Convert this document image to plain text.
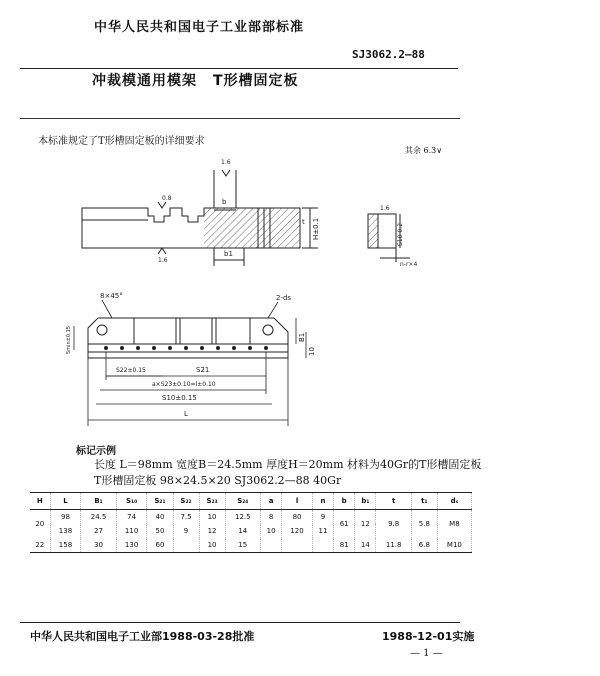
中华人民共和国电子工业部部标准
SJ3062.2—88
冲裁模通用模架 T形槽固定板
本标准规定了T形槽固定板的详细要求
其余 6.3∨
1.6
0.8
1.6
b
b1
t H±0.1	S10 0.2
n-r×4
1.6
8×45°	2-ds
S22±0.15	S21
a×S23±0.10=l±0.10
S10±0.15
L
5min±0.15	B1
10
标记示例
长度 L＝98mm 宽度B＝24.5mm 厚度H＝20mm 材料为40Gr的T形槽固定板
T形槽固定板 98×24.5×20 SJ3062.2—88 40Gr
H	L	B₁	S₁₀	S₂₁	S₂₂	S₂₃	S₂₄	a	l	n	b	b₁	t	t₁	dₛ
20	98	24.5	74	40	7.5	10	12.5	8	80	9	61	12	9.8	5.8	M8
	138	27	110	50	9	12	14	10	120	11					
22	158	30	130	60		10	15				81	14	11.8	6.8	M10
中华人民共和国电子工业部1988-03-28批准	1988-12-01实施
— 1 —
